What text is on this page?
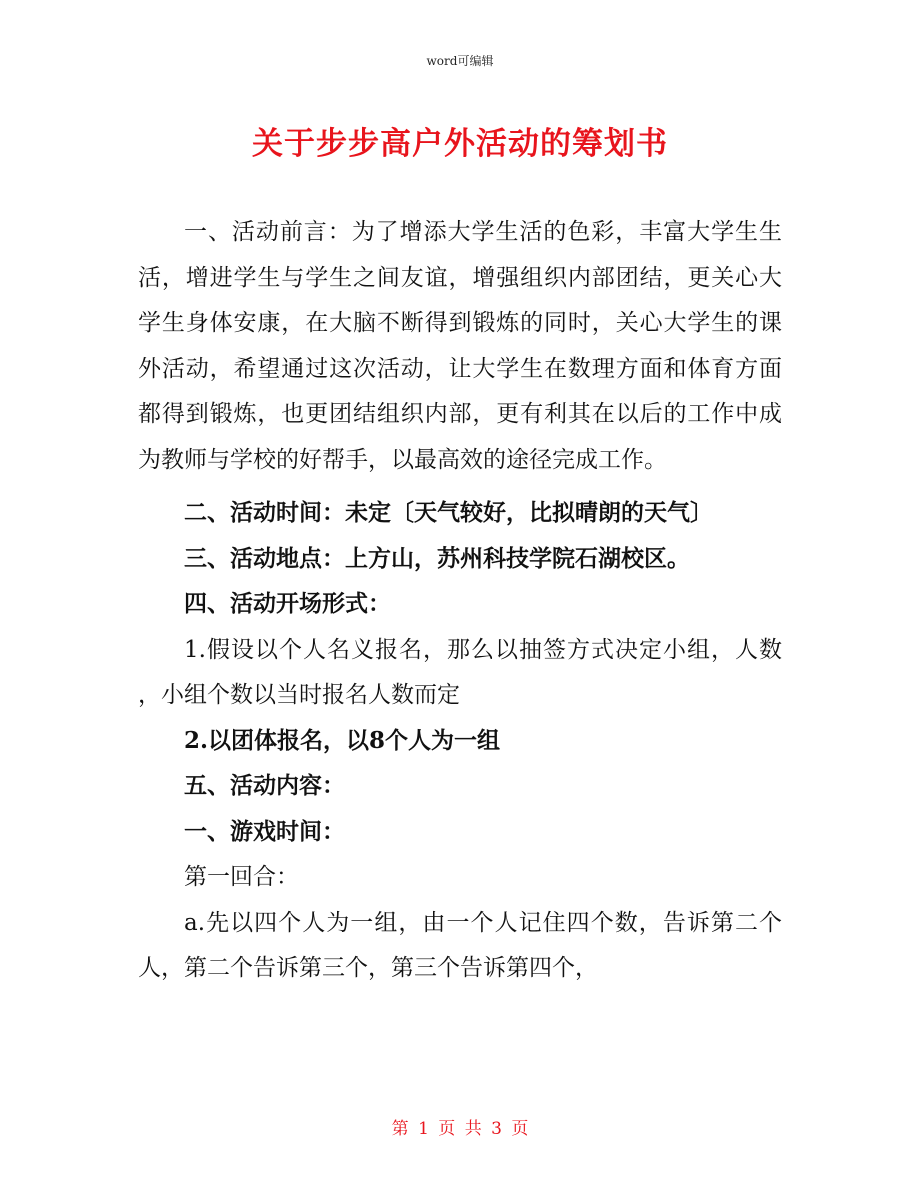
word可编辑
关于步步高户外活动的筹划书
一、活动前言：为了增添大学生活的色彩，丰富大学生生
活，增进学生与学生之间友谊，增强组织内部团结，更关心大
学生身体安康，在大脑不断得到锻炼的同时，关心大学生的课
外活动，希望通过这次活动，让大学生在数理方面和体育方面
都得到锻炼，也更团结组织内部，更有利其在以后的工作中成
为教师与学校的好帮手，以最高效的途径完成工作。
二、活动时间：未定〔天气较好，比拟晴朗的天气〕
三、活动地点：上方山，苏州科技学院石湖校区。
四、活动开场形式：
1.假设以个人名义报名，那么以抽签方式决定小组，人数
，小组个数以当时报名人数而定
2.以团体报名，以8个人为一组
五、活动内容：
一、游戏时间：
第一回合：
a.先以四个人为一组，由一个人记住四个数，告诉第二个
人，第二个告诉第三个，第三个告诉第四个，
第 1 页 共 3 页
